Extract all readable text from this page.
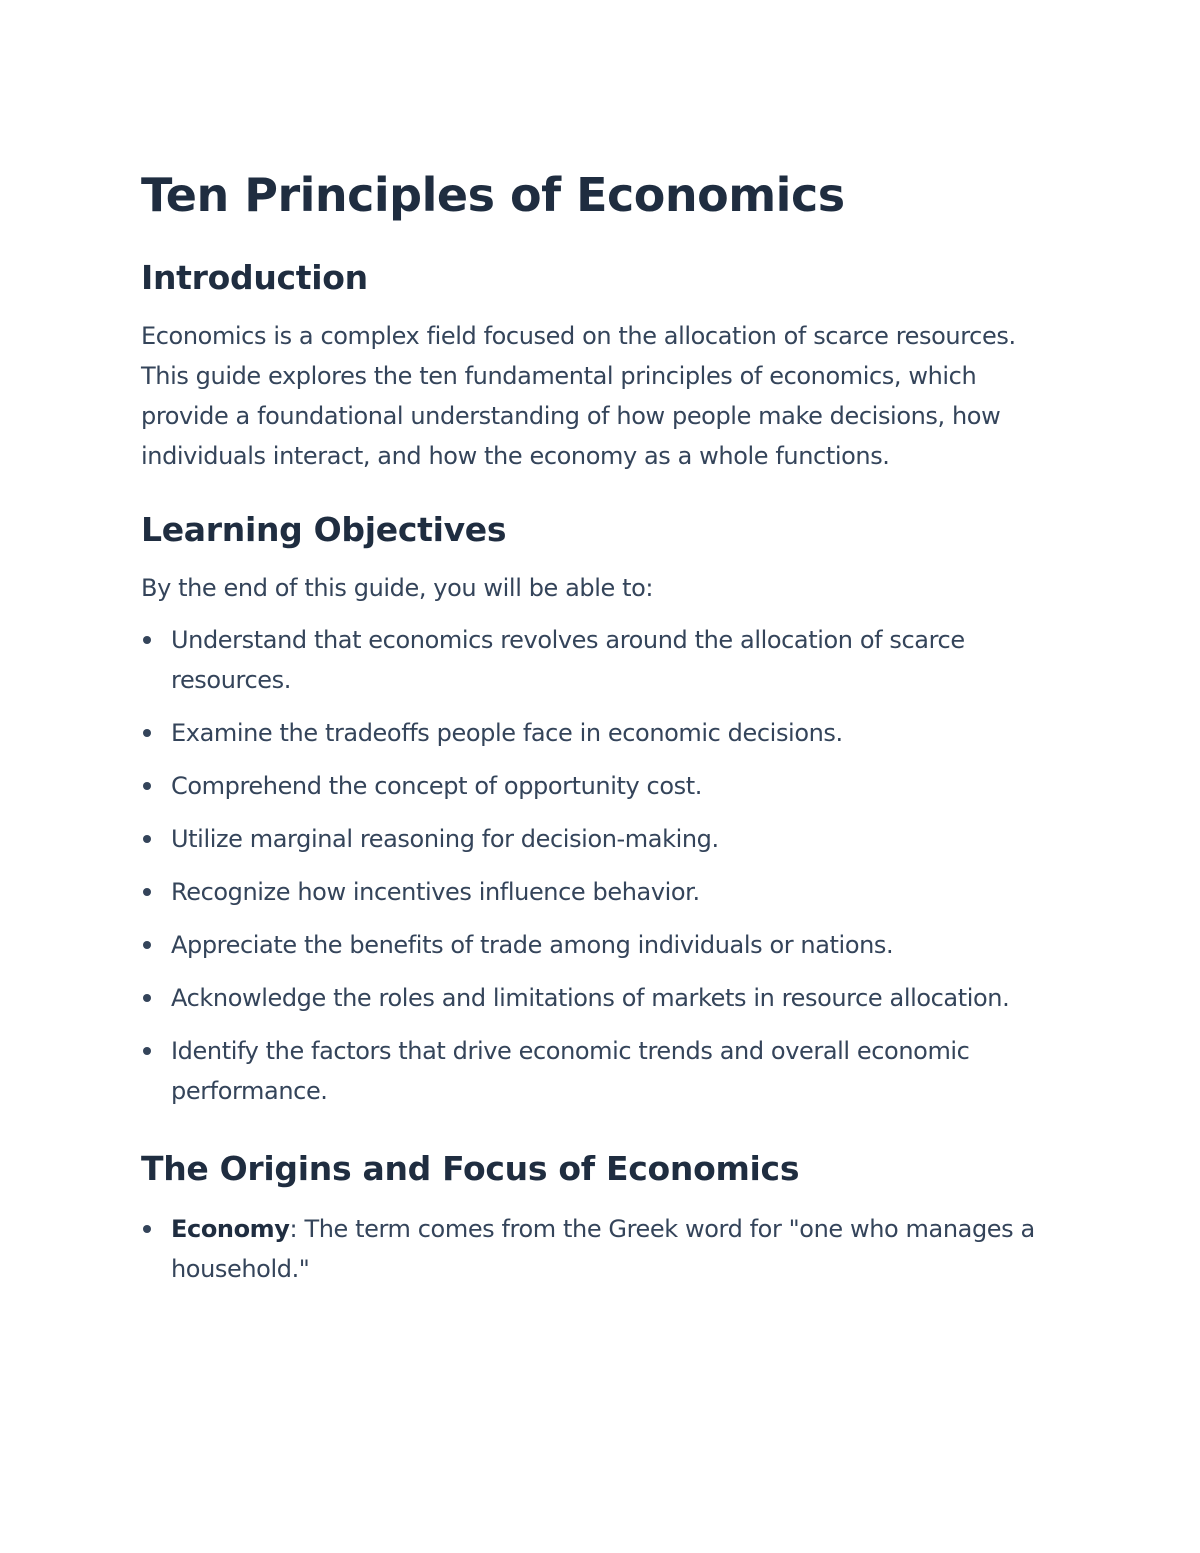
Ten Principles of Economics
Introduction

Economics is a complex field focused on the allocation of scarce resources. This guide explores the ten fundamental principles of economics, which provide a foundational understanding of how people make decisions, how individuals interact, and how the economy as a whole functions.

Learning Objectives

By the end of this guide, you will be able to:

Understand that economics revolves around the allocation of scarce resources.
Examine the tradeoffs people face in economic decisions.
Comprehend the concept of opportunity cost.
Utilize marginal reasoning for decision-making.
Recognize how incentives influence behavior.
Appreciate the benefits of trade among individuals or nations.
Acknowledge the roles and limitations of markets in resource allocation.
Identify the factors that drive economic trends and overall economic performance.
The Origins and Focus of Economics
Economy: The term comes from the Greek word for "one who manages a household."
